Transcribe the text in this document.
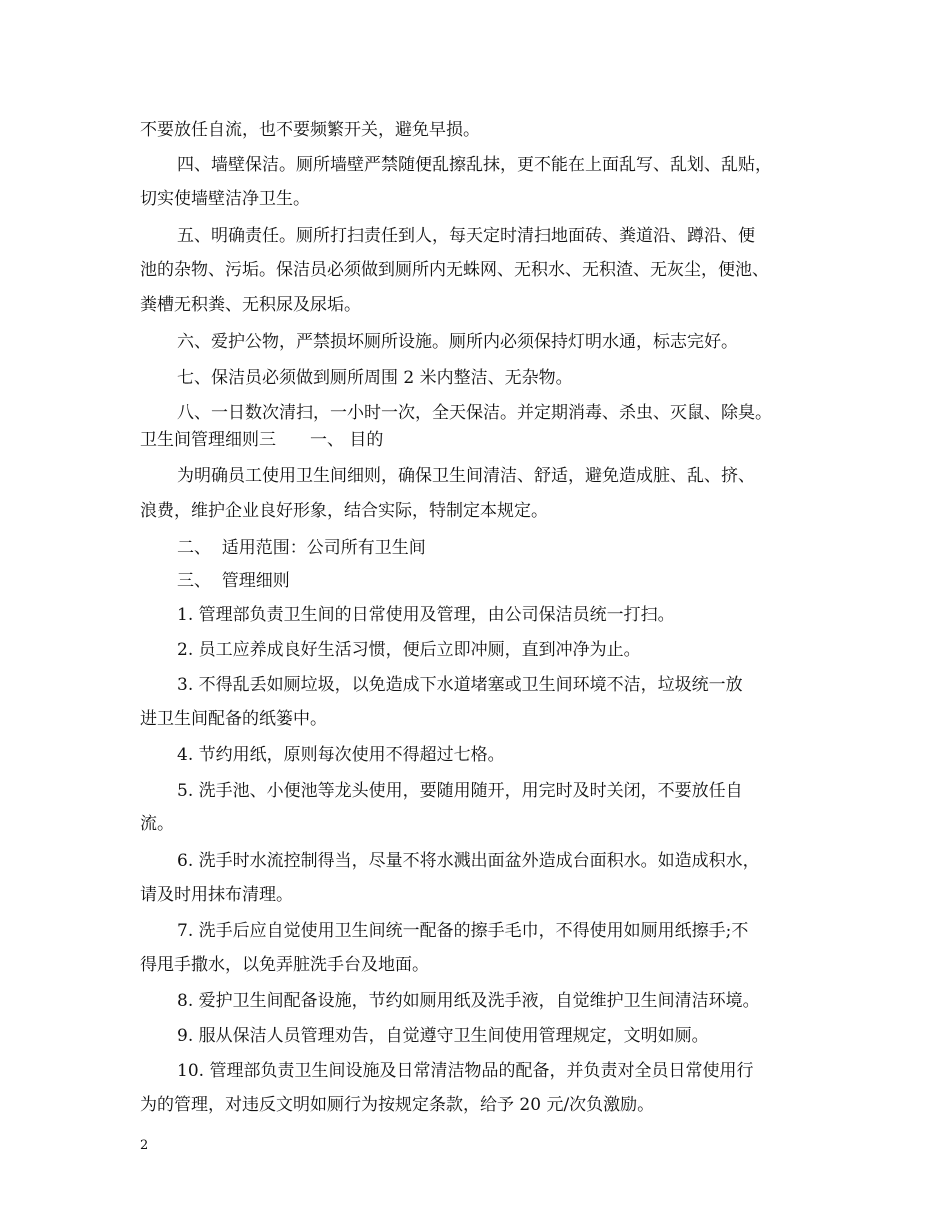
不要放任自流，也不要频繁开关，避免早损。
四、墙壁保洁。厕所墙壁严禁随便乱擦乱抹，更不能在上面乱写、乱划、乱贴，
切实使墙壁洁净卫生。
五、明确责任。厕所打扫责任到人，每天定时清扫地面砖、粪道沿、蹲沿、便
池的杂物、污垢。保洁员必须做到厕所内无蛛网、无积水、无积渣、无灰尘，便池、
粪槽无积粪、无积尿及尿垢。
六、爱护公物，严禁损坏厕所设施。厕所内必须保持灯明水通，标志完好。
七、保洁员必须做到厕所周围 2 米内整洁、无杂物。
八、一日数次清扫，一小时一次，全天保洁。并定期消毒、杀虫、灭鼠、除臭。
卫生间管理细则三　　一、 目的
为明确员工使用卫生间细则，确保卫生间清洁、舒适，避免造成脏、乱、挤、
浪费，维护企业良好形象，结合实际，特制定本规定。
二、  适用范围：公司所有卫生间
三、  管理细则
1. 管理部负责卫生间的日常使用及管理，由公司保洁员统一打扫。
2. 员工应养成良好生活习惯，便后立即冲厕，直到冲净为止。
3. 不得乱丢如厕垃圾，以免造成下水道堵塞或卫生间环境不洁，垃圾统一放
进卫生间配备的纸篓中。
4. 节约用纸，原则每次使用不得超过七格。
5. 洗手池、小便池等龙头使用，要随用随开，用完时及时关闭，不要放任自
流。
6. 洗手时水流控制得当，尽量不将水溅出面盆外造成台面积水。如造成积水，
请及时用抹布清理。
7. 洗手后应自觉使用卫生间统一配备的擦手毛巾，不得使用如厕用纸擦手;不
得甩手撒水，以免弄脏洗手台及地面。
8. 爱护卫生间配备设施，节约如厕用纸及洗手液，自觉维护卫生间清洁环境。
9. 服从保洁人员管理劝告，自觉遵守卫生间使用管理规定，文明如厕。
10. 管理部负责卫生间设施及日常清洁物品的配备，并负责对全员日常使用行
为的管理，对违反文明如厕行为按规定条款，给予 20 元/次负激励。
2
